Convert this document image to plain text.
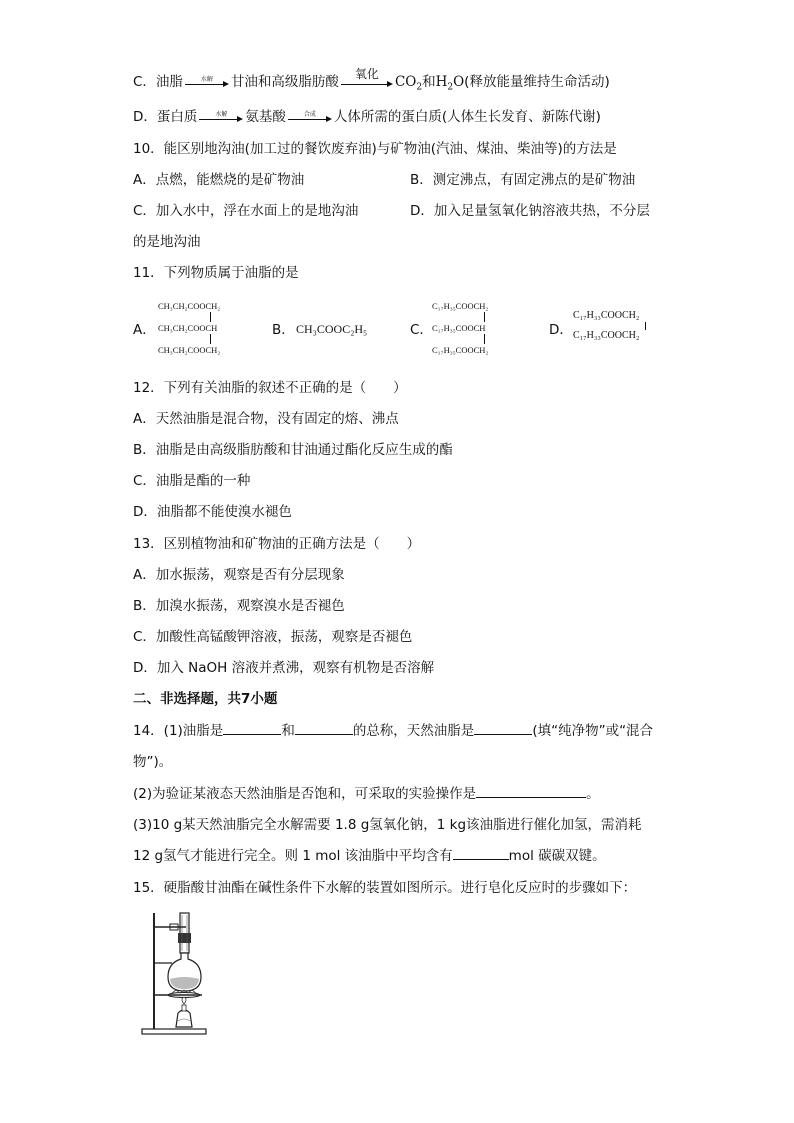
C．油脂	水解	甘油和高级脂肪酸	氧化	$CO_2$和$H_2O$(释放能量维持生命活动)
D．蛋白质	水解	氨基酸	合成	人体所需的蛋白质(人体生长发育、新陈代谢)
10．能区别地沟油(加工过的餐饮废弃油)与矿物油(汽油、煤油、柴油等)的方法是
A．点燃，能燃烧的是矿物油	B．测定沸点，有固定沸点的是矿物油
C．加入水中，浮在水面上的是地沟油	D．加入足量氢氧化钠溶液共热，不分层
的是地沟油
11．下列物质属于油脂的是
A．
CH₃CH₂COOCH₂
CH₃CH₂COOCH
CH₃CH₂COOCH₂
B． CH₃COOC₂H₅	C．
C₁₇H₃₅COOCH₂
C₁₇H₃₅COOCH
C₁₇H₃₅COOCH₂
D．
C₁₇H₃₃COOCH₂
C₁₇H₃₃COOCH₂
12．下列有关油脂的叙述不正确的是（　　）
A．天然油脂是混合物，没有固定的熔、沸点
B．油脂是由高级脂肪酸和甘油通过酯化反应生成的酯
C．油脂是酯的一种
D．油脂都不能使溴水褪色
13．区别植物油和矿物油的正确方法是（　　）
A．加水振荡，观察是否有分层现象
B．加溴水振荡，观察溴水是否褪色
C．加酸性高锰酸钾溶液，振荡，观察是否褪色
D．加入 NaOH 溶液并煮沸，观察有机物是否溶解
二、非选择题，共7小题
14．(1)油脂是	和	的总称，天然油脂是	(填“纯净物”或“混合
物”)。
(2)为验证某液态天然油脂是否饱和，可采取的实验操作是	。
(3)10 g某天然油脂完全水解需要 1.8 g氢氧化钠，1 kg该油脂进行催化加氢，需消耗
12 g氢气才能进行完全。则 1 mol 该油脂中平均含有	mol 碳碳双键。
15．硬脂酸甘油酯在碱性条件下水解的装置如图所示。进行皂化反应时的步骤如下：
